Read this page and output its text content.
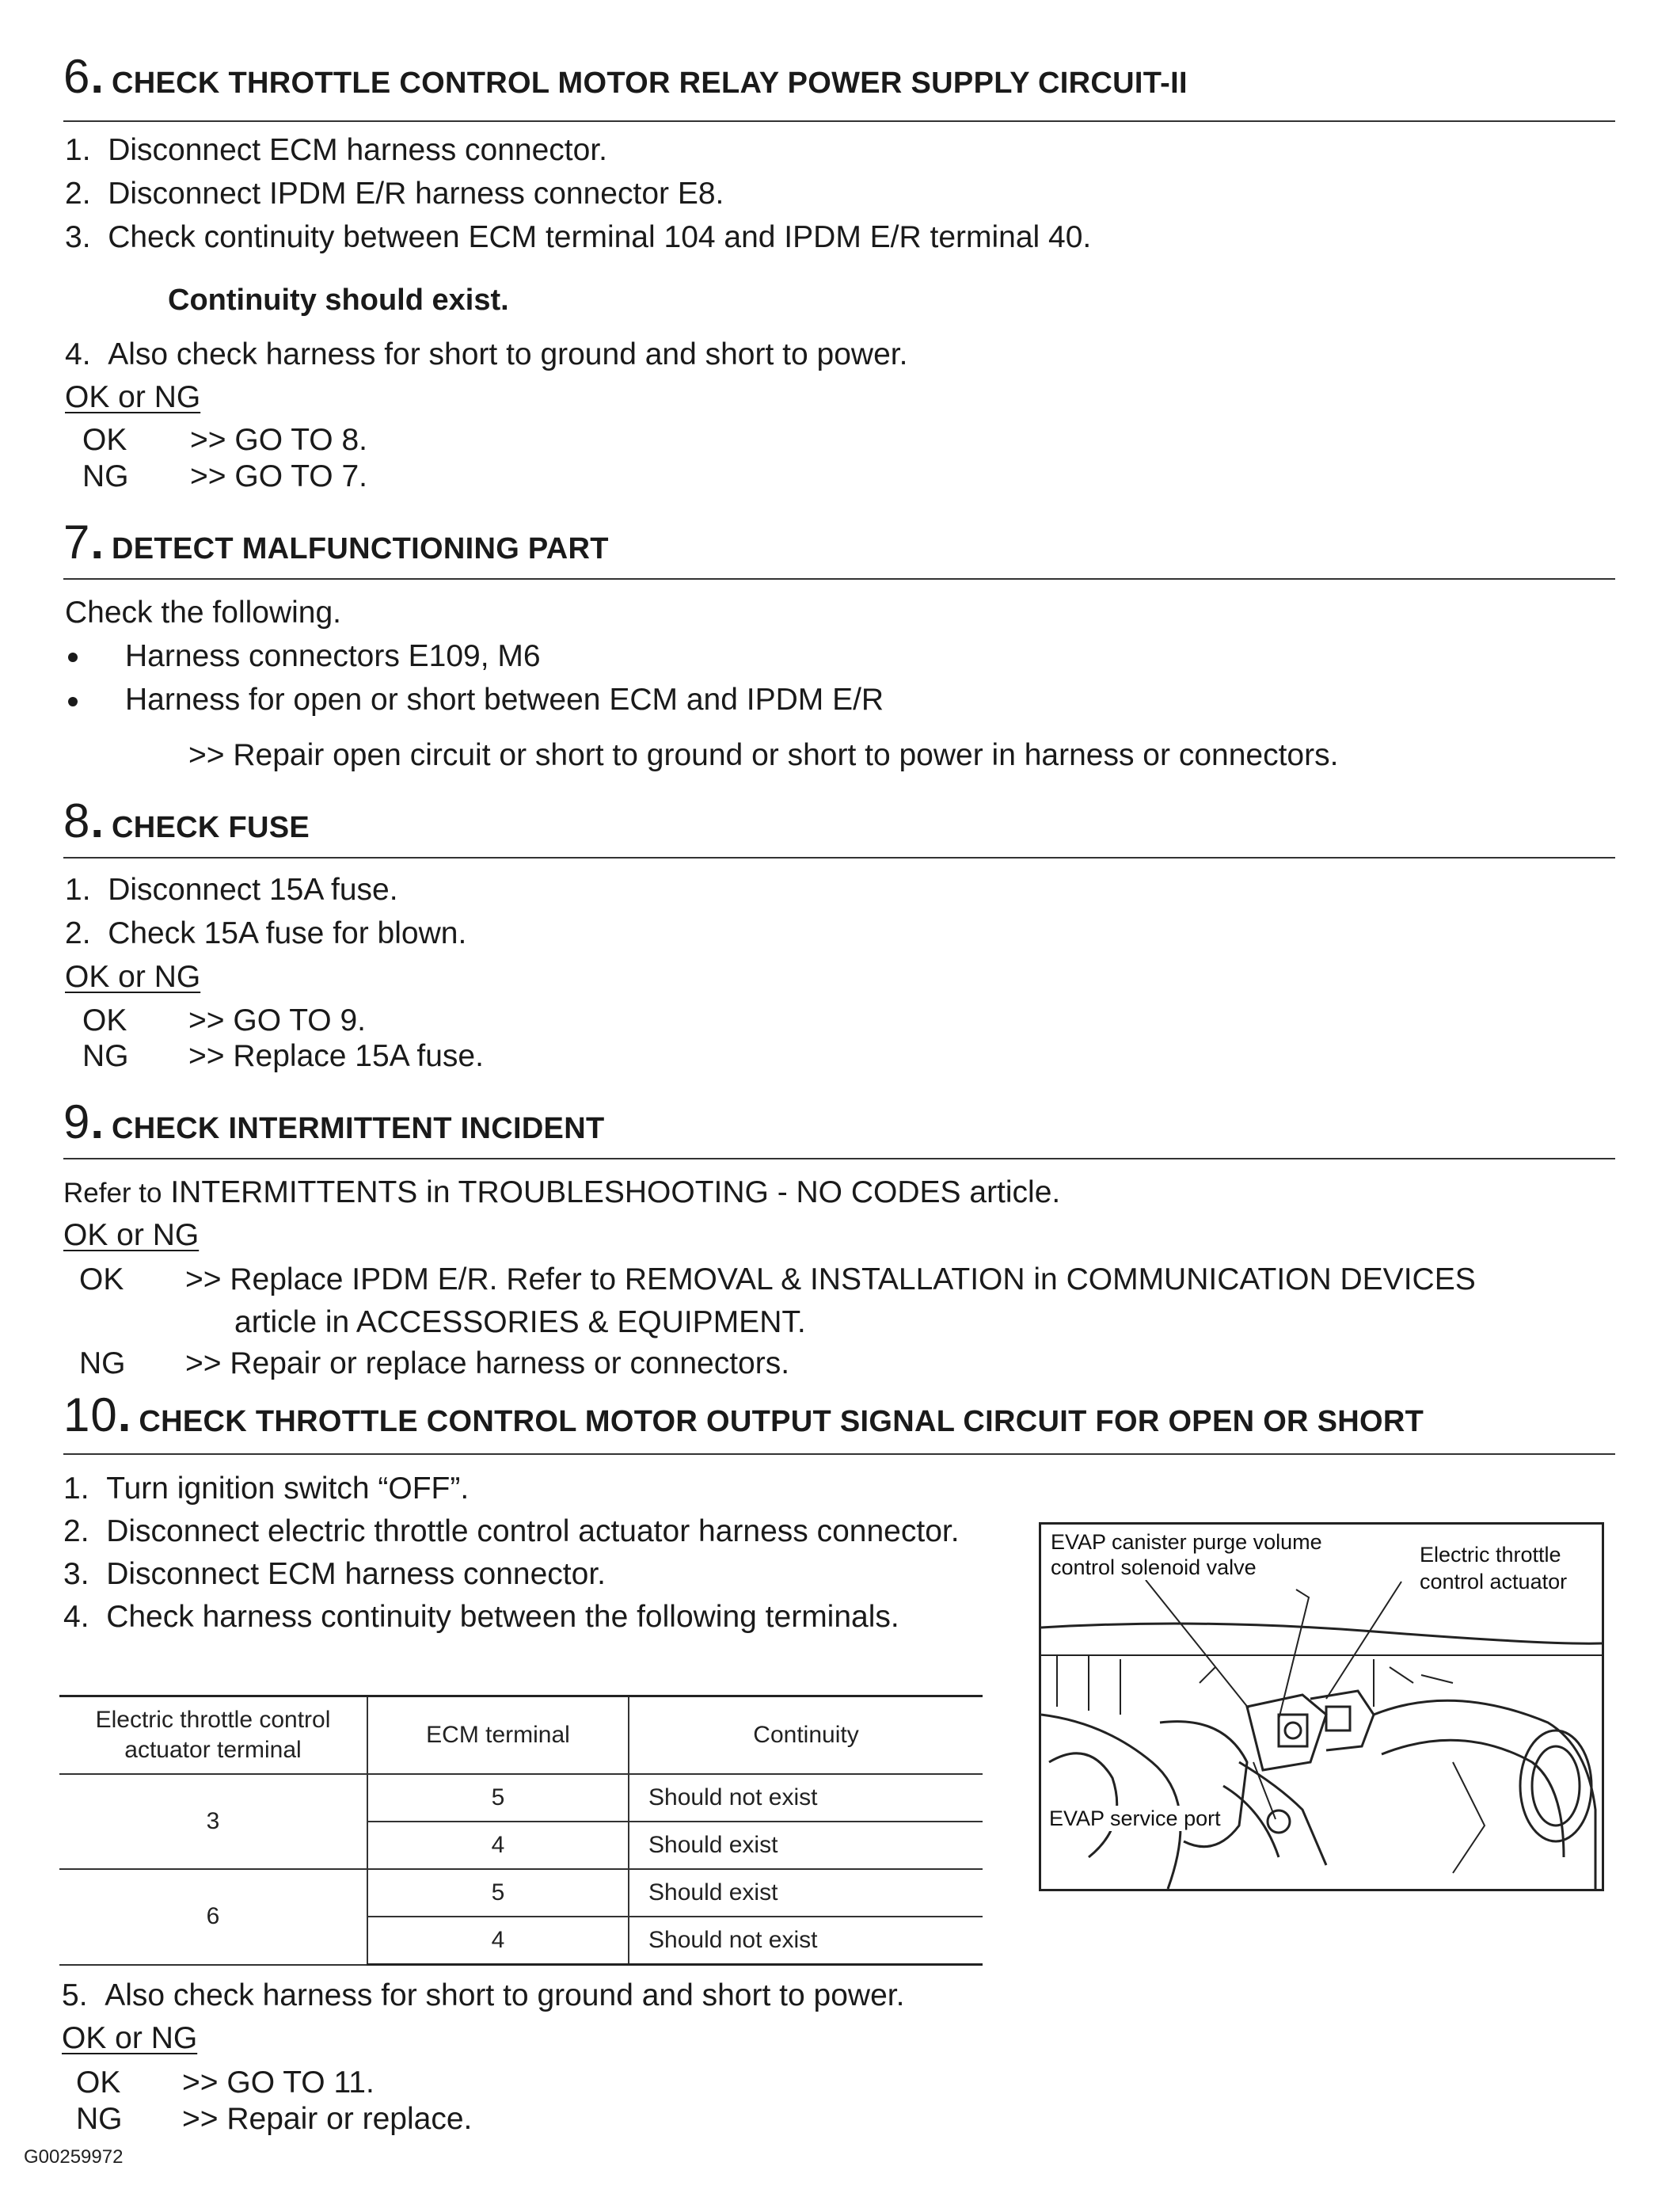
6 . CHECK THROTTLE CONTROL MOTOR RELAY POWER SUPPLY CIRCUIT-II
1.  Disconnect ECM harness connector.
2.  Disconnect IPDM E/R harness connector E8.
3.  Check continuity between ECM terminal 104 and IPDM E/R terminal 40.
Continuity should exist.
4.  Also check harness for short to ground and short to power.
OK or NG
OK >> GO TO 8.
NG >> GO TO 7.
7 . DETECT MALFUNCTIONING PART
Check the following.
Harness connectors E109, M6
Harness for open or short between ECM and IPDM E/R
>> Repair open circuit or short to ground or short to power in harness or connectors.
8 . CHECK FUSE
1.  Disconnect 15A fuse.
2.  Check 15A fuse for blown.
OK or NG
OK >> GO TO 9.
NG >> Replace 15A fuse.
9 . CHECK INTERMITTENT INCIDENT
Refer to INTERMITTENTS in TROUBLESHOOTING - NO CODES article.
OK or NG
OK >> Replace IPDM E/R. Refer to REMOVAL & INSTALLATION in COMMUNICATION DEVICES
article in ACCESSORIES & EQUIPMENT.
NG >> Repair or replace harness or connectors.
10 . CHECK THROTTLE CONTROL MOTOR OUTPUT SIGNAL CIRCUIT FOR OPEN OR SHORT
1.  Turn ignition switch “OFF”.
2.  Disconnect electric throttle control actuator harness connector.
3.  Disconnect ECM harness connector.
4.  Check harness continuity between the following terminals.
Electric throttle control
actuator terminal	ECM terminal	Continuity
3	5	Should not exist
	4	Should exist
6	5	Should exist
	4	Should not exist
EVAP canister purge volume
control solenoid valve
Electric throttle
control actuator
EVAP service port
5.  Also check harness for short to ground and short to power.
OK or NG
OK >> GO TO 11.
NG >> Repair or replace.
G00259972
